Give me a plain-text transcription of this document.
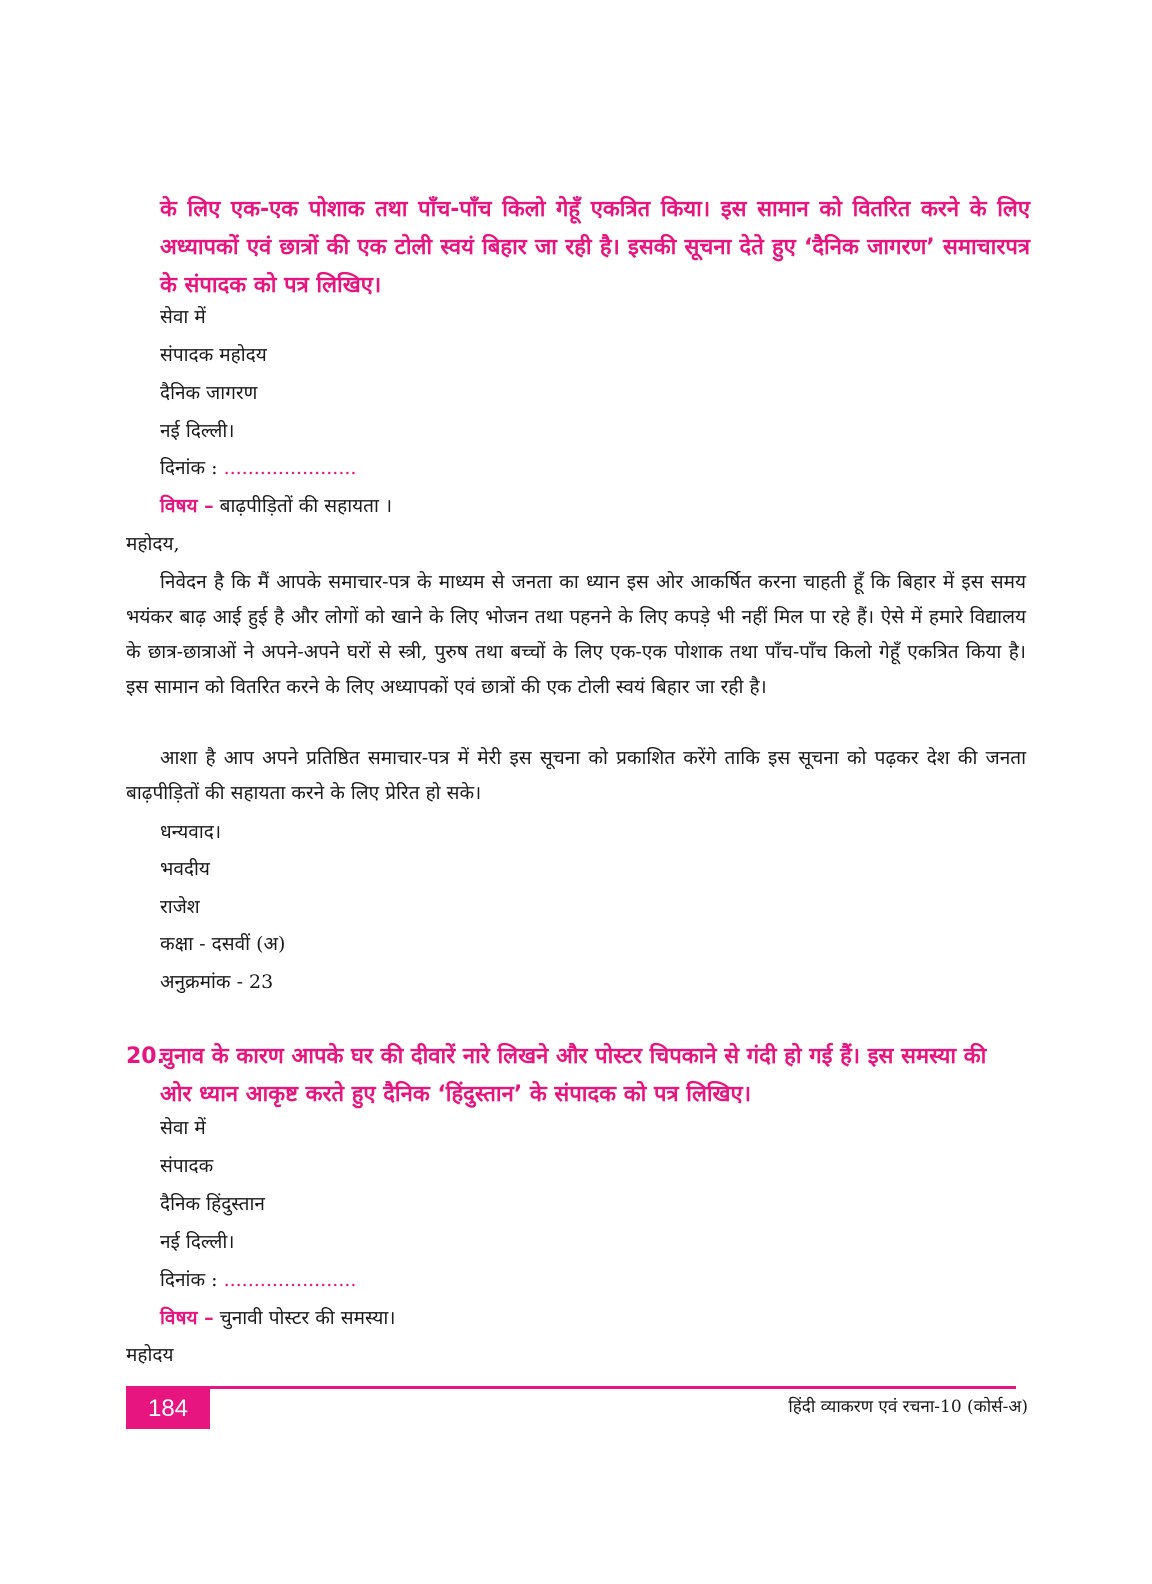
के लिए एक-एक पोशाक तथा पाँच-पाँच किलो गेहूँ एकत्रित किया। इस सामान को वितरित करने के लिए अध्यापकों एवं छात्रों की एक टोली स्वयं बिहार जा रही है। इसकी सूचना देते हुए ‘दैनिक जागरण’ समाचारपत्र के संपादक को पत्र लिखिए।
सेवा में
संपादक महोदय
दैनिक जागरण
नई दिल्ली।
दिनांक : ......................
विषय – बाढ़पीड़ितों की सहायता ।
महोदय,
निवेदन है कि मैं आपके समाचार-पत्र के माध्यम से जनता का ध्यान इस ओर आकर्षित करना चाहती हूँ कि बिहार में इस समय भयंकर बाढ़ आई हुई है और लोगों को खाने के लिए भोजन तथा पहनने के लिए कपड़े भी नहीं मिल पा रहे हैं। ऐसे में हमारे विद्यालय के छात्र-छात्राओं ने अपने-अपने घरों से स्त्री, पुरुष तथा बच्चों के लिए एक-एक पोशाक तथा पाँच-पाँच किलो गेहूँ एकत्रित किया है। इस सामान को वितरित करने के लिए अध्यापकों एवं छात्रों की एक टोली स्वयं बिहार जा रही है।
आशा है आप अपने प्रतिष्ठित समाचार-पत्र में मेरी इस सूचना को प्रकाशित करेंगे ताकि इस सूचना को पढ़कर देश की जनता बाढ़पीड़ितों की सहायता करने के लिए प्रेरित हो सके।
धन्यवाद।
भवदीय
राजेश
कक्षा - दसवीं (अ)
अनुक्रमांक - 23
20.चुनाव के कारण आपके घर की दीवारें नारे लिखने और पोस्टर चिपकाने से गंदी हो गई हैं। इस समस्या की
ओर ध्यान आकृष्ट करते हुए दैनिक ‘हिंदुस्तान’ के संपादक को पत्र लिखिए।
सेवा में
संपादक
दैनिक हिंदुस्तान
नई दिल्ली।
दिनांक : ......................
विषय – चुनावी पोस्टर की समस्या।
महोदय
184	हिंदी व्याकरण एवं रचना-10 (कोर्स-अ)
